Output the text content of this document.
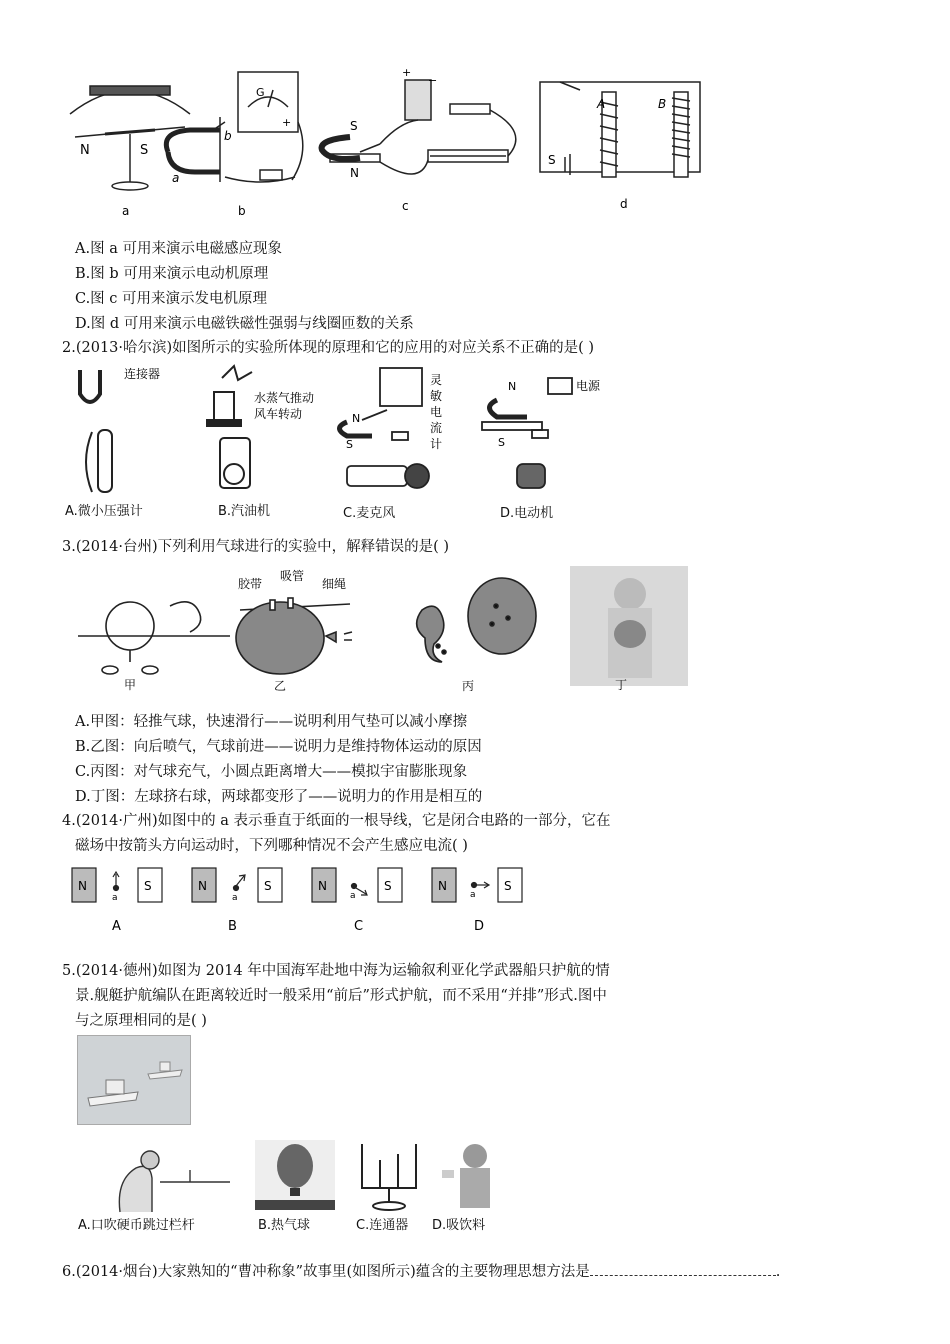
N	S
a
G
+
a
b
b
S
N
+
−
c
A	B
S
d
A.图 a 可用来演示电磁感应现象
B.图 b 可用来演示电动机原理
C.图 c 可用来演示发电机原理
D.图 d 可用来演示电磁铁磁性强弱与线圈匝数的关系
2.(2013·哈尔滨)如图所示的实验所体现的原理和它的应用的对应关系不正确的是( )
连接器
水蒸气推动
风车转动
灵
敏
电
流
计
电源
N
S
N
S
A.微小压强计	B.汽油机	C.麦克风	D.电动机
3.(2014·台州)下列利用气球进行的实验中，解释错误的是( )
胶带
吸管
细绳
甲	乙	丙	丁
A.甲图：轻推气球，快速滑行——说明利用气垫可以减小摩擦
B.乙图：向后喷气，气球前进——说明力是维持物体运动的原因
C.丙图：对气球充气，小圆点距离增大——模拟宇宙膨胀现象
D.丁图：左球挤右球，两球都变形了——说明力的作用是相互的
4.(2014·广州)如图中的 a 表示垂直于纸面的一根导线，它是闭合电路的一部分，它在
磁场中按箭头方向运动时，下列哪种情况不会产生感应电流( )
N	S
a
N	S
a
N	S
a
N	S
a
A	B	C	D
5.(2014·德州)如图为 2014 年中国海军赴地中海为运输叙利亚化学武器船只护航的情
景.舰艇护航编队在距离较近时一般采用“前后”形式护航，而不采用“并排”形式.图中
与之原理相同的是( )
A.口吹硬币跳过栏杆	B.热气球	C.连通器 D.吸饮料
6.(2014·烟台)大家熟知的“曹冲称象”故事里(如图所示)蕴含的主要物理思想方法是	.
